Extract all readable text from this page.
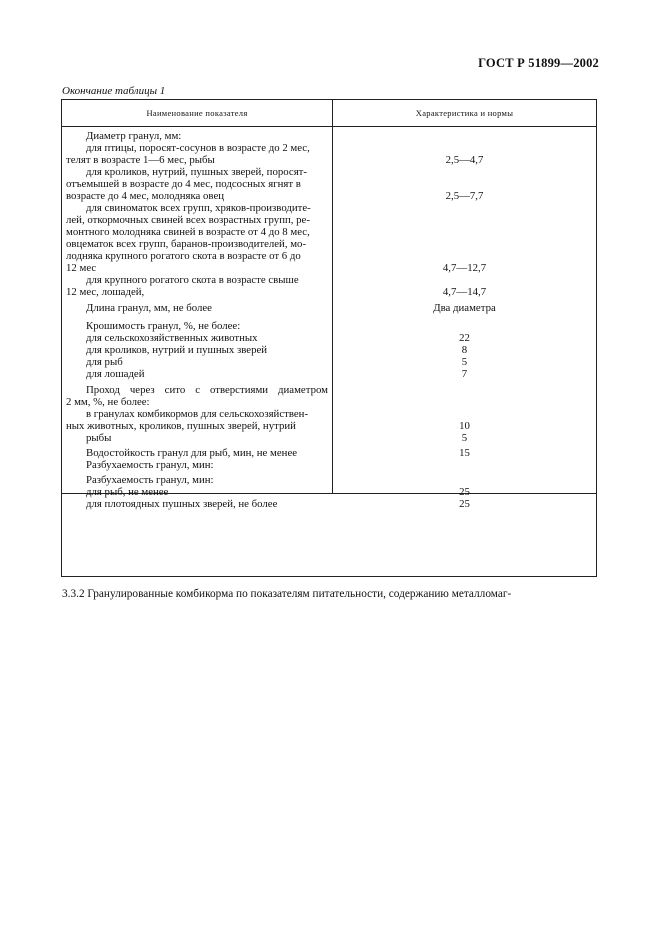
ГОСТ Р 51899—2002
Окончание таблицы 1
Наименование показателя	Характеристика и нормы
Диаметр гранул, мм:
для птицы, поросят-сосунов в возрасте до 2 мес,
телят в возрасте 1—6 мес, рыбы
для кроликов, нутрий, пушных зверей, поросят-
отъемышей в возрасте до 4 мес, подсосных ягнят в
возрасте до 4 мес, молодняка овец
для свиноматок всех групп, хряков-производите-
лей, откормочных свиней всех возрастных групп, ре-
монтного молодняка свиней в возрасте от 4 до 8 мес,
овцематок всех групп, баранов-производителей, мо-
лодняка крупного рогатого скота в возрасте от 6 до
12 мес
для крупного рогатого скота в возрасте свыше
12 мес, лошадей,
Длина гранул, мм, не более
Крошимость гранул, %, не более:
для сельскохозяйственных животных
для кроликов, нутрий и пушных зверей
для рыб
для лошадей
Проход через сито с отверстиями диаметром
2 мм, %, не более:
в гранулах комбикормов для сельскохозяйствен-
ных животных, кроликов, пушных зверей, нутрий
рыбы
Водостойкость гранул для рыб, мин, не менее
Разбухаемость гранул, мин:
Разбухаемость гранул, мин:
для рыб, не менее
для плотоядных пушных зверей, не более
2,5—4,7
2,5—7,7
4,7—12,7
4,7—14,7
Два диаметра
22
8
5
7
10
5
15
25
25
3.3.2 Гранулированные комбикорма по показателям питательности, содержанию металломаг-
